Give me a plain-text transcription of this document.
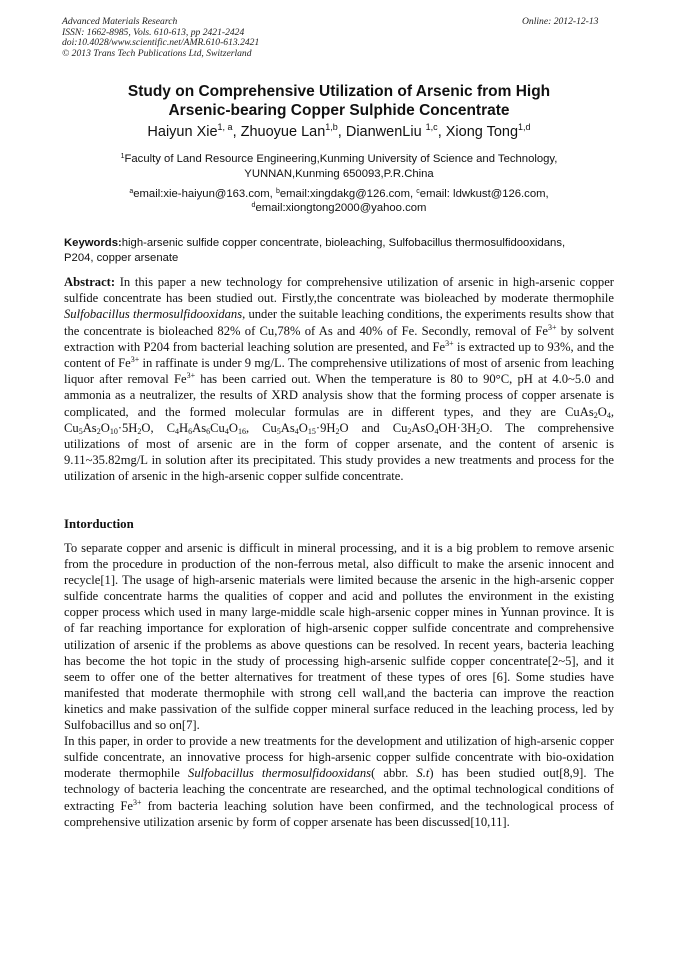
Advanced Materials Research
ISSN: 1662-8985, Vols. 610-613, pp 2421-2424
doi:10.4028/www.scientific.net/AMR.610-613.2421
© 2013 Trans Tech Publications Ltd, Switzerland
Online: 2012-12-13
Study on Comprehensive Utilization of Arsenic from High
Arsenic-bearing Copper Sulphide Concentrate
Haiyun Xie$^{1, a}$, Zhuoyue Lan$^{1,b}$, DianwenLiu $^{1,c}$, Xiong Tong$^{1,d}$
$^1$Faculty of Land Resource Engineering,Kunming University of Science and Technology,
YUNNAN,Kunming 650093,P.R.China
$^a$email:xie-haiyun@163.com, $^b$email:xingdakg@126.com, $^c$email: ldwkust@126.com,
$^d$email:xiongtong2000@yahoo.com
Keywords:high-arsenic sulfide copper concentrate, bioleaching, Sulfobacillus thermosulfidooxidans,
P204, copper arsenate
Abstract: In this paper a new technology for comprehensive utilization of arsenic in high-arsenic copper sulfide concentrate has been studied out. Firstly,the concentrate was bioleached by moderate thermophile Sulfobacillus thermosulfidooxidans, under the suitable leaching conditions, the experiments results show that the concentrate is bioleached 82% of Cu,78% of As and 40% of Fe. Secondly, removal of $Fe^{3+}$ by solvent extraction with P204 from bacterial leaching solution are presented, and $Fe^{3+}$ is extracted up to 93%, and the content of $Fe^{3+}$ in raffinate is under 9 mg/L. The comprehensive utilizations of most of arsenic from leaching liquor after removal $Fe^{3+}$ has been carried out. When the temperature is 80 to 90°C, pH at 4.0~5.0 and ammonia as a neutralizer, the results of XRD analysis show that the forming process of copper arsenate is complicated, and the formed molecular formulas are in different types, and they are $CuAs_2O_4$, $Cu_5As_2O_{10}\cdot 5H_2O$, $C_4H_6As_6Cu_4O_{16}$, $Cu_5As_4O_{15}\cdot 9H_2O$ and $Cu_2AsO_4OH\cdot 3H_2O$. The comprehensive utilizations of most of arsenic are in the form of copper arsenate, and the content of arsenic is 9.11~35.82mg/L in solution after its precipitated. This study provides a new treatments and process for the utilization of arsenic in the high-arsenic copper sulfide concentrate.
Intorduction

To separate copper and arsenic is difficult in mineral processing, and it is a big problem to remove arsenic from the procedure in production of the non-ferrous metal, also difficult to make the arsenic innocent and recycle[1]. The usage of high-arsenic materials were limited because the arsenic in the high-arsenic copper sulfide concentrate harms the qualities of copper and acid and pollutes the environment in the existing copper process which used in many large-middle scale high-arsenic copper mines in Yunnan province. It is of far reaching importance for exploration of high-arsenic copper sulfide concentrate and comprehensive utilization of arsenic if the problems as above questions can be resolved. In recent years, bacteria leaching has become the hot topic in the study of processing high-arsenic sulfide copper concentrate[2~5], and it seem to offer one of the better alternatives for treatment of these types of ores [6]. Some studies have manifested that moderate thermophile with strong cell wall,and the bacteria can improve the reaction kinetics and make passivation of the sulfide copper mineral surface reduced in the leaching process, led by Sulfobacillus and so on[7].

In this paper, in order to provide a new treatments for the development and utilization of high-arsenic copper sulfide concentrate, an innovative process for high-arsenic copper sulfide concentrate with bio-oxidation moderate thermophile Sulfobacillus thermosulfidooxidans( abbr. S.t) has been studied out[8,9]. The technology of bacteria leaching the concentrate are researched, and the optimal technological conditions of extracting $Fe^{3+}$ from bacteria leaching solution have been confirmed, and the technological process of comprehensive utilization arsenic by form of copper arsenate has been discussed[10,11].
